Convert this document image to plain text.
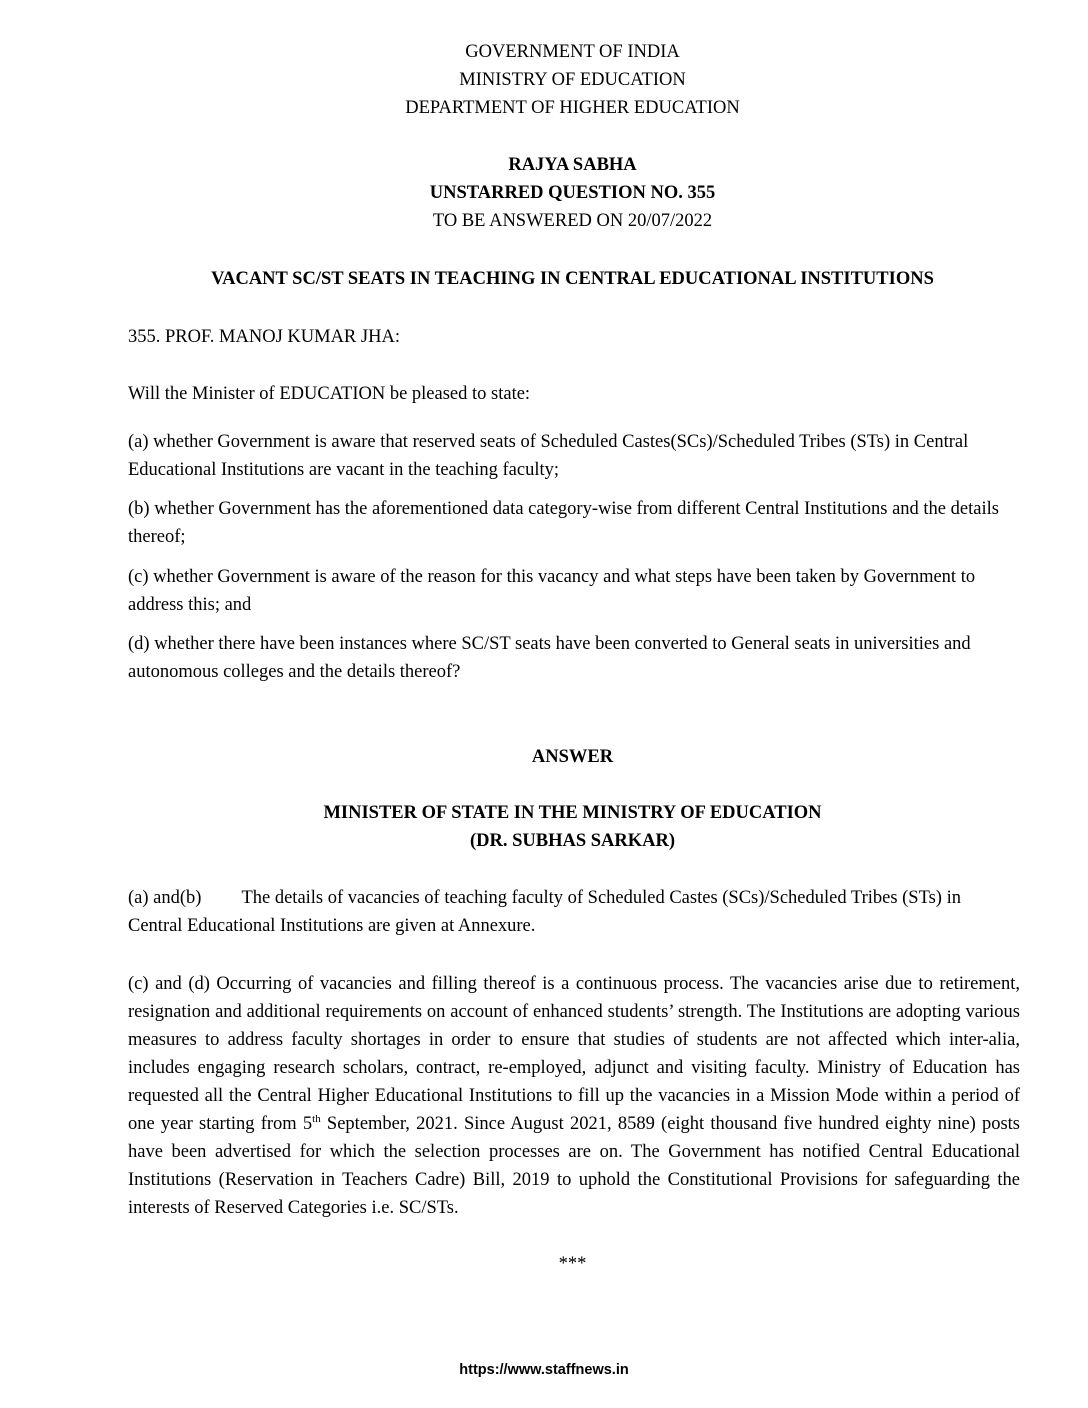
GOVERNMENT OF INDIA
MINISTRY OF EDUCATION
DEPARTMENT OF HIGHER EDUCATION
RAJYA SABHA
UNSTARRED QUESTION NO. 355
TO BE ANSWERED ON 20/07/2022
VACANT SC/ST SEATS IN TEACHING IN CENTRAL EDUCATIONAL INSTITUTIONS
355. PROF. MANOJ KUMAR JHA:
Will the Minister of EDUCATION be pleased to state:
(a) whether Government is aware that reserved seats of Scheduled Castes(SCs)/Scheduled Tribes (STs) in Central Educational Institutions are vacant in the teaching faculty;
(b) whether Government has the aforementioned data category-wise from different Central Institutions and the details thereof;
(c) whether Government is aware of the reason for this vacancy and what steps have been taken by Government to address this; and
(d) whether there have been instances where SC/ST seats have been converted to General seats in universities and autonomous colleges and the details thereof?
ANSWER
MINISTER OF STATE IN THE MINISTRY OF EDUCATION
(DR. SUBHAS SARKAR)
(a) and(b) The details of vacancies of teaching faculty of Scheduled Castes (SCs)/Scheduled Tribes (STs) in Central Educational Institutions are given at Annexure.
(c) and (d) Occurring of vacancies and filling thereof is a continuous process. The vacancies arise due to retirement, resignation and additional requirements on account of enhanced students’ strength. The Institutions are adopting various measures to address faculty shortages in order to ensure that studies of students are not affected which inter-alia, includes engaging research scholars, contract, re-employed, adjunct and visiting faculty. Ministry of Education has requested all the Central Higher Educational Institutions to fill up the vacancies in a Mission Mode within a period of one year starting from 5th September, 2021. Since August 2021, 8589 (eight thousand five hundred eighty nine) posts have been advertised for which the selection processes are on. The Government has notified Central Educational Institutions (Reservation in Teachers Cadre) Bill, 2019 to uphold the Constitutional Provisions for safeguarding the interests of Reserved Categories i.e. SC/STs.
***
https://www.staffnews.in
